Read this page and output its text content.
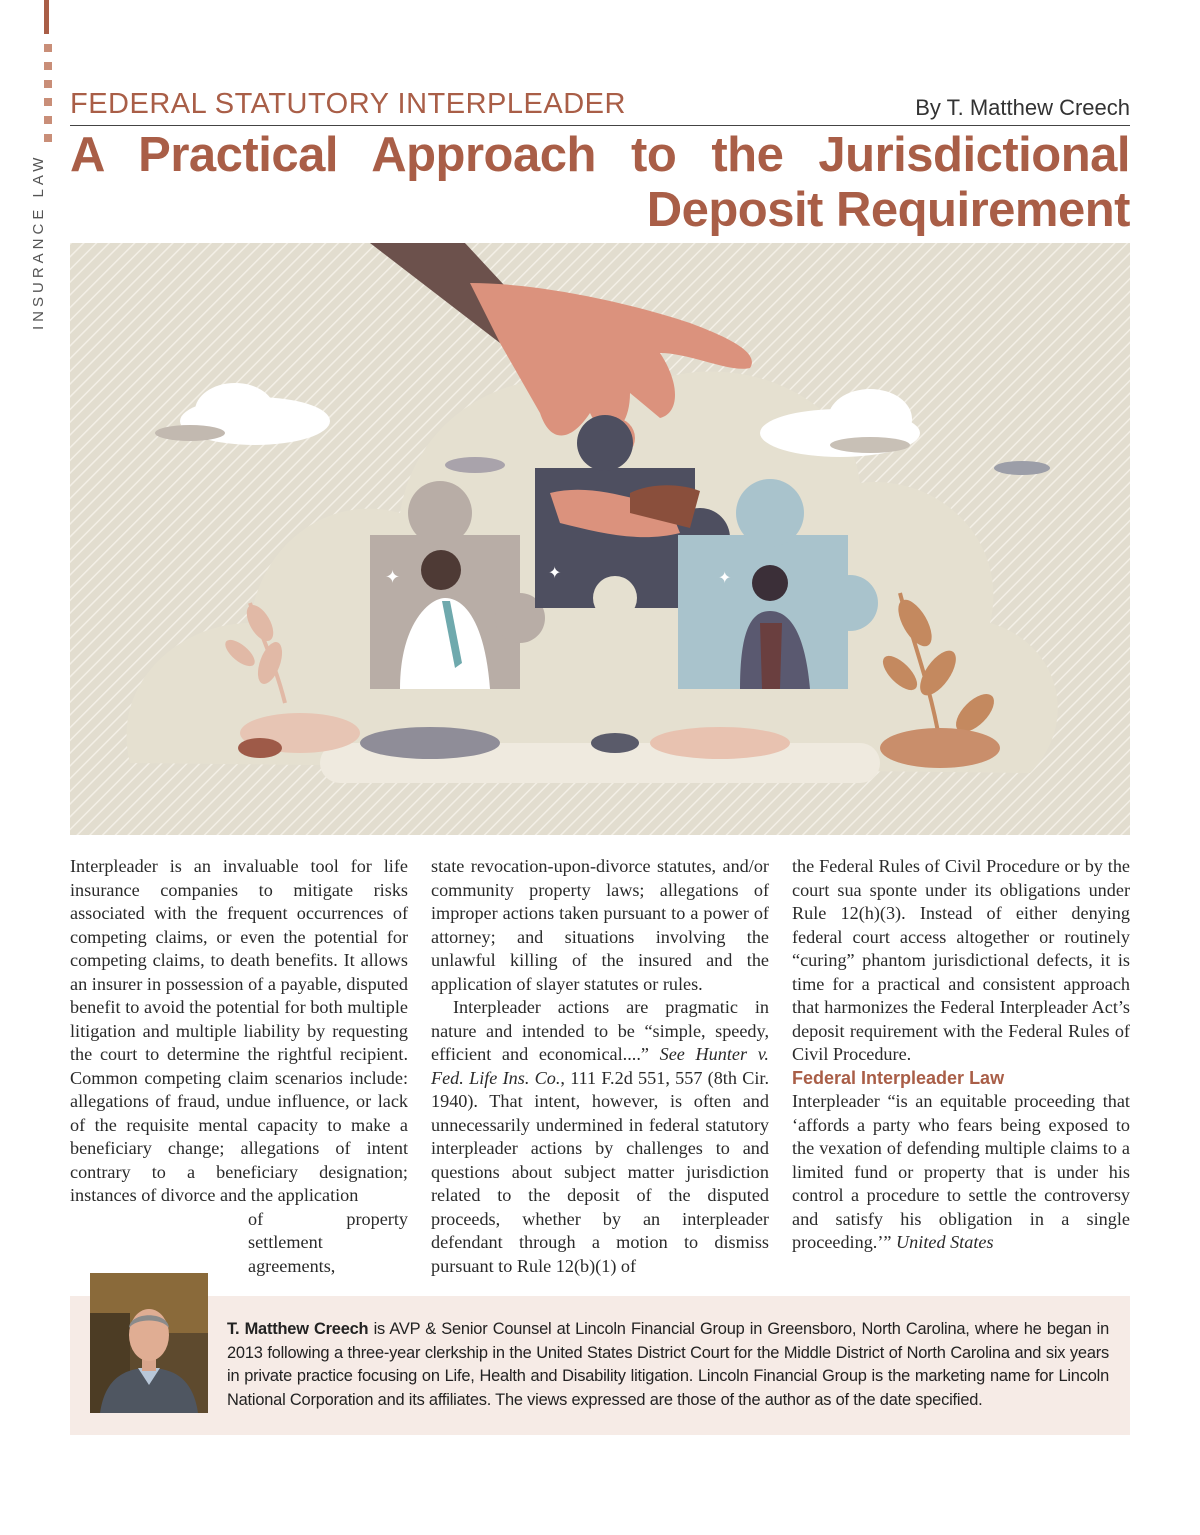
INSURANCE LAW
FEDERAL STATUTORY INTERPLEADER	By T. Matthew Creech
A Practical Approach to the Jurisdictional Deposit Requirement
✦	✦	✦

Interpleader is an invaluable tool for life insurance companies to mitigate risks associated with the frequent occurrences of competing claims, or even the potential for competing claims, to death benefits. It allows an insurer in possession of a payable, disputed benefit to avoid the potential for both multiple litigation and multiple liability by requesting the court to determine the rightful recipient. Common competing claim scenarios include: allegations of fraud, undue influence, or lack of the requisite mental capacity to make a beneficiary change; allegations of intent contrary to a beneficiary designation; instances of divorce and the application

of property settlement agreements,

state revocation-upon-divorce statutes, and/or community property laws; allegations of improper actions taken pursuant to a power of attorney; and situations involving the unlawful killing of the insured and the application of slayer statutes or rules.

Interpleader actions are pragmatic in nature and intended to be “simple, speedy, efficient and economical....” See Hunter v. Fed. Life Ins. Co., 111 F.2d 551, 557 (8th Cir. 1940). That intent, however, is often and unnecessarily undermined in federal statutory interpleader actions by challenges to and questions about subject matter jurisdiction related to the deposit of the disputed proceeds, whether by an interpleader defendant through a motion to dismiss pursuant to Rule 12(b)(1) of

the Federal Rules of Civil Procedure or by the court sua sponte under its obligations under Rule 12(h)(3). Instead of either denying federal court access altogether or routinely “curing” phantom jurisdictional defects, it is time for a practical and consistent approach that harmonizes the Federal Interpleader Act’s deposit requirement with the Federal Rules of Civil Procedure.

Federal Interpleader Law

Interpleader “is an equitable proceeding that ‘affords a party who fears being exposed to the vexation of defending multiple claims to a limited fund or property that is under his control a procedure to settle the controversy and satisfy his obligation in a single proceeding.’” United States

T. Matthew Creech is AVP & Senior Counsel at Lincoln Financial Group in Greensboro, North Carolina, where he began in 2013 following a three-year clerkship in the United States District Court for the Middle District of North Carolina and six years in private practice focusing on Life, Health and Disability litigation. Lincoln Financial Group is the marketing name for Lincoln National Corporation and its affiliates. The views expressed are those of the author as of the date specified.
